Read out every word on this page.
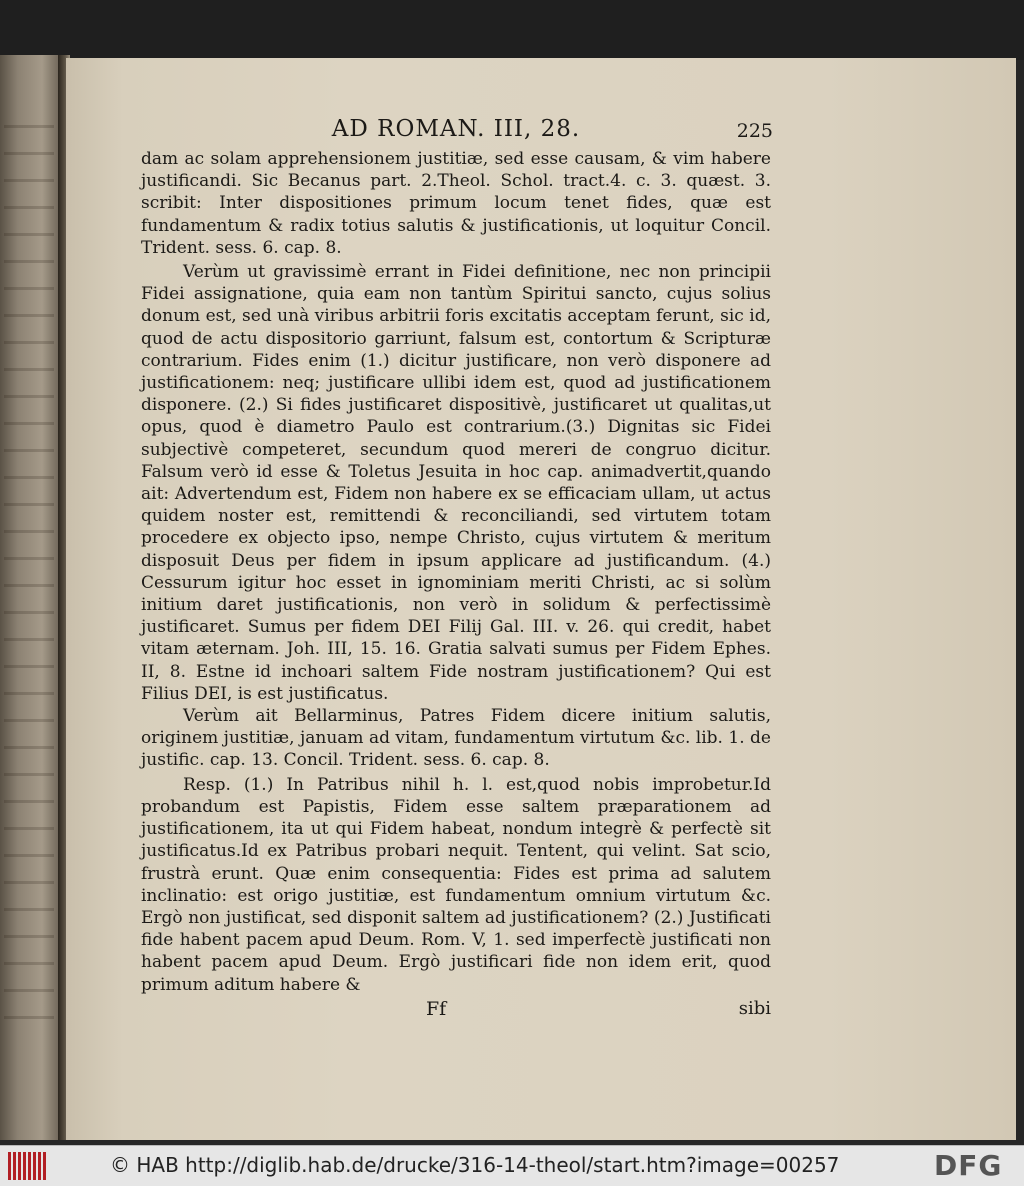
AD ROMAN. III, 28.	225

dam ac solam apprehensionem justitiæ, sed esse causam, & vim habere justificandi. Sic Becanus part. 2.Theol. Schol. tract.4. c. 3. quæst. 3. scribit: Inter dispositiones primum locum tenet fides, quæ est fundamentum & radix totius salutis & justificationis, ut loquitur Concil. Trident. sess. 6. cap. 8.

Verùm ut gravissimè errant in Fidei definitione, nec non principii Fidei assignatione, quia eam non tantùm Spiritui sancto, cujus solius donum est, sed unà viribus arbitrii foris excitatis acceptam ferunt, sic id, quod de actu dispositorio garriunt, falsum est, contortum & Scripturæ contrarium. Fides enim (1.) dicitur justificare, non verò disponere ad justificationem: neq; justificare ullibi idem est, quod ad justificationem disponere. (2.) Si fides justificaret dispositivè, justificaret ut qualitas,ut opus, quod è diametro Paulo est contrarium.(3.) Dignitas sic Fidei subjectivè competeret, secundum quod mereri de congruo dicitur. Falsum verò id esse & Toletus Jesuita in hoc cap. animadvertit,quando ait: Advertendum est, Fidem non habere ex se efficaciam ullam, ut actus quidem noster est, remittendi & reconciliandi, sed virtutem totam procedere ex objecto ipso, nempe Christo, cujus virtutem & meritum disposuit Deus per fidem in ipsum applicare ad justificandum. (4.) Cessurum igitur hoc esset in ignominiam meriti Christi, ac si solùm initium daret justificationis, non verò in solidum & perfectissimè justificaret. Sumus per fidem DEI Filij Gal. III. v. 26. qui credit, habet vitam æternam. Joh. III, 15. 16. Gratia salvati sumus per Fidem Ephes. II, 8. Estne id inchoari saltem Fide nostram justificationem? Qui est Filius DEI, is est justificatus.

Verùm ait Bellarminus, Patres Fidem dicere initium salutis, originem justitiæ, januam ad vitam, fundamentum virtutum &c. lib. 1. de justific. cap. 13. Concil. Trident. sess. 6. cap. 8.

Resp. (1.) In Patribus nihil h. l. est,quod nobis improbetur.Id probandum est Papistis, Fidem esse saltem præparationem ad justificationem, ita ut qui Fidem habeat, nondum integrè & perfectè sit justificatus.Id ex Patribus probari nequit. Tentent, qui velint. Sat scio, frustrà erunt. Quæ enim consequentia: Fides est prima ad salutem inclinatio: est origo justitiæ, est fundamentum omnium virtutum &c. Ergò non justificat, sed disponit saltem ad justificationem? (2.) Justificati fide habent pacem apud Deum. Rom. V, 1. sed imperfectè justificati non habent pacem apud Deum. Ergò justificari fide non idem erit, quod primum aditum habere &

Ff	sibi
© HAB http://diglib.hab.de/drucke/316-14-theol/start.htm?image=00257	DFG
